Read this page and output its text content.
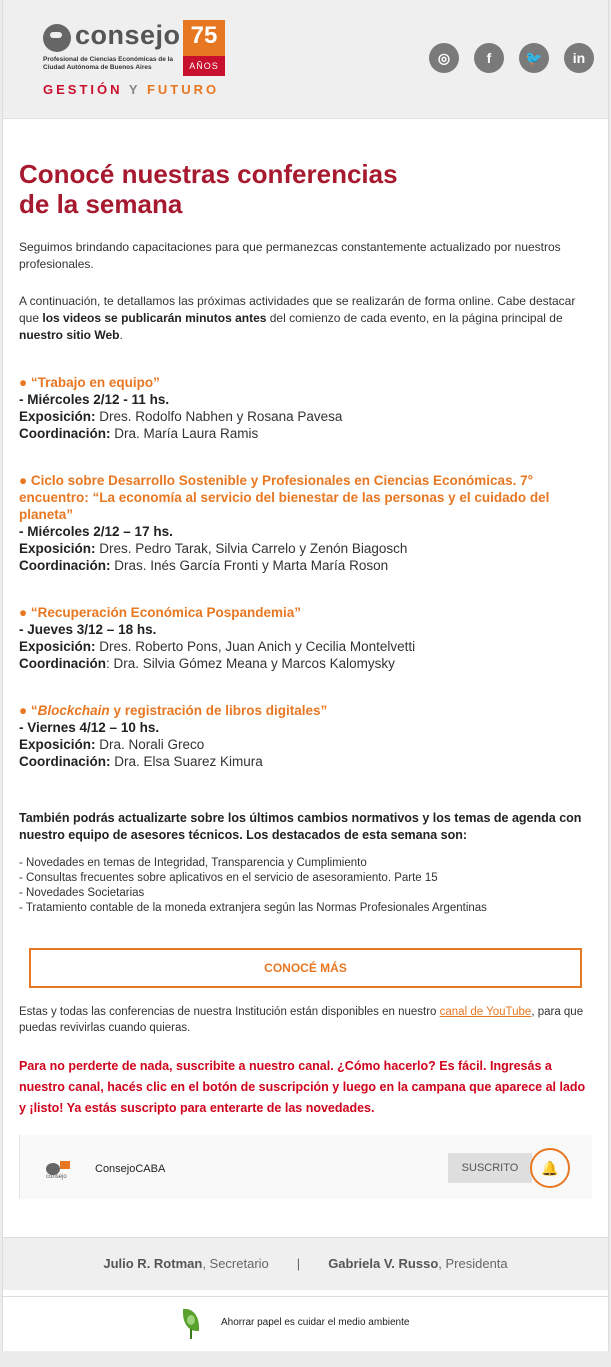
consejo
Profesional de Ciencias Económicas de la Ciudad Autónoma de Buenos Aires
75
AÑOS
GESTIÓN Y FUTURO
◎	f	🐦	in
Conocé nuestras conferencias
de la semana

Seguimos brindando capacitaciones para que permanezcas constantemente actualizado por nuestros profesionales.

A continuación, te detallamos las próximas actividades que se realizarán de forma online. Cabe destacar que los videos se publicarán minutos antes del comienzo de cada evento, en la página principal de nuestro sitio Web.

● “Trabajo en equipo”
- Miércoles 2/12 - 11 hs.
Exposición: Dres. Rodolfo Nabhen y Rosana Pavesa
Coordinación: Dra. María Laura Ramis
● Ciclo sobre Desarrollo Sostenible y Profesionales en Ciencias Económicas. 7° encuentro: “La economía al servicio del bienestar de las personas y el cuidado del planeta”
- Miércoles 2/12 – 17 hs.
Exposición: Dres. Pedro Tarak, Silvia Carrelo y Zenón Biagosch
Coordinación: Dras. Inés García Fronti y Marta María Roson
● “Recuperación Económica Pospandemia”
- Jueves 3/12 – 18 hs.
Exposición: Dres. Roberto Pons, Juan Anich y Cecilia Montelvetti
Coordinación: Dra. Silvia Gómez Meana y Marcos Kalomysky
● “Blockchain y registración de libros digitales”
- Viernes 4/12 – 10 hs.
Exposición: Dra. Norali Greco
Coordinación: Dra. Elsa Suarez Kimura
También podrás actualizarte sobre los últimos cambios normativos y los temas de agenda con nuestro equipo de asesores técnicos. Los destacados de esta semana son:
- Novedades en temas de Integridad, Transparencia y Cumplimiento
- Consultas frecuentes sobre aplicativos en el servicio de asesoramiento. Parte 15
- Novedades Societarias
- Tratamiento contable de la moneda extranjera según las Normas Profesionales Argentinas
CONOCÉ MÁS
Estas y todas las conferencias de nuestra Institución están disponibles en nuestro canal de YouTube, para que puedas revivirlas cuando quieras.
Para no perderte de nada, suscribite a nuestro canal. ¿Cómo hacerlo? Es fácil. Ingresás a nuestro canal, hacés clic en el botón de suscripción y luego en la campana que aparece al lado y ¡listo! Ya estás suscripto para enterarte de las novedades.
consejo
ConsejoCABA	SUSCRITO	🔔
Julio R. Rotman, Secretario | Gabriela V. Russo, Presidenta
Ahorrar papel es cuidar el medio ambiente
